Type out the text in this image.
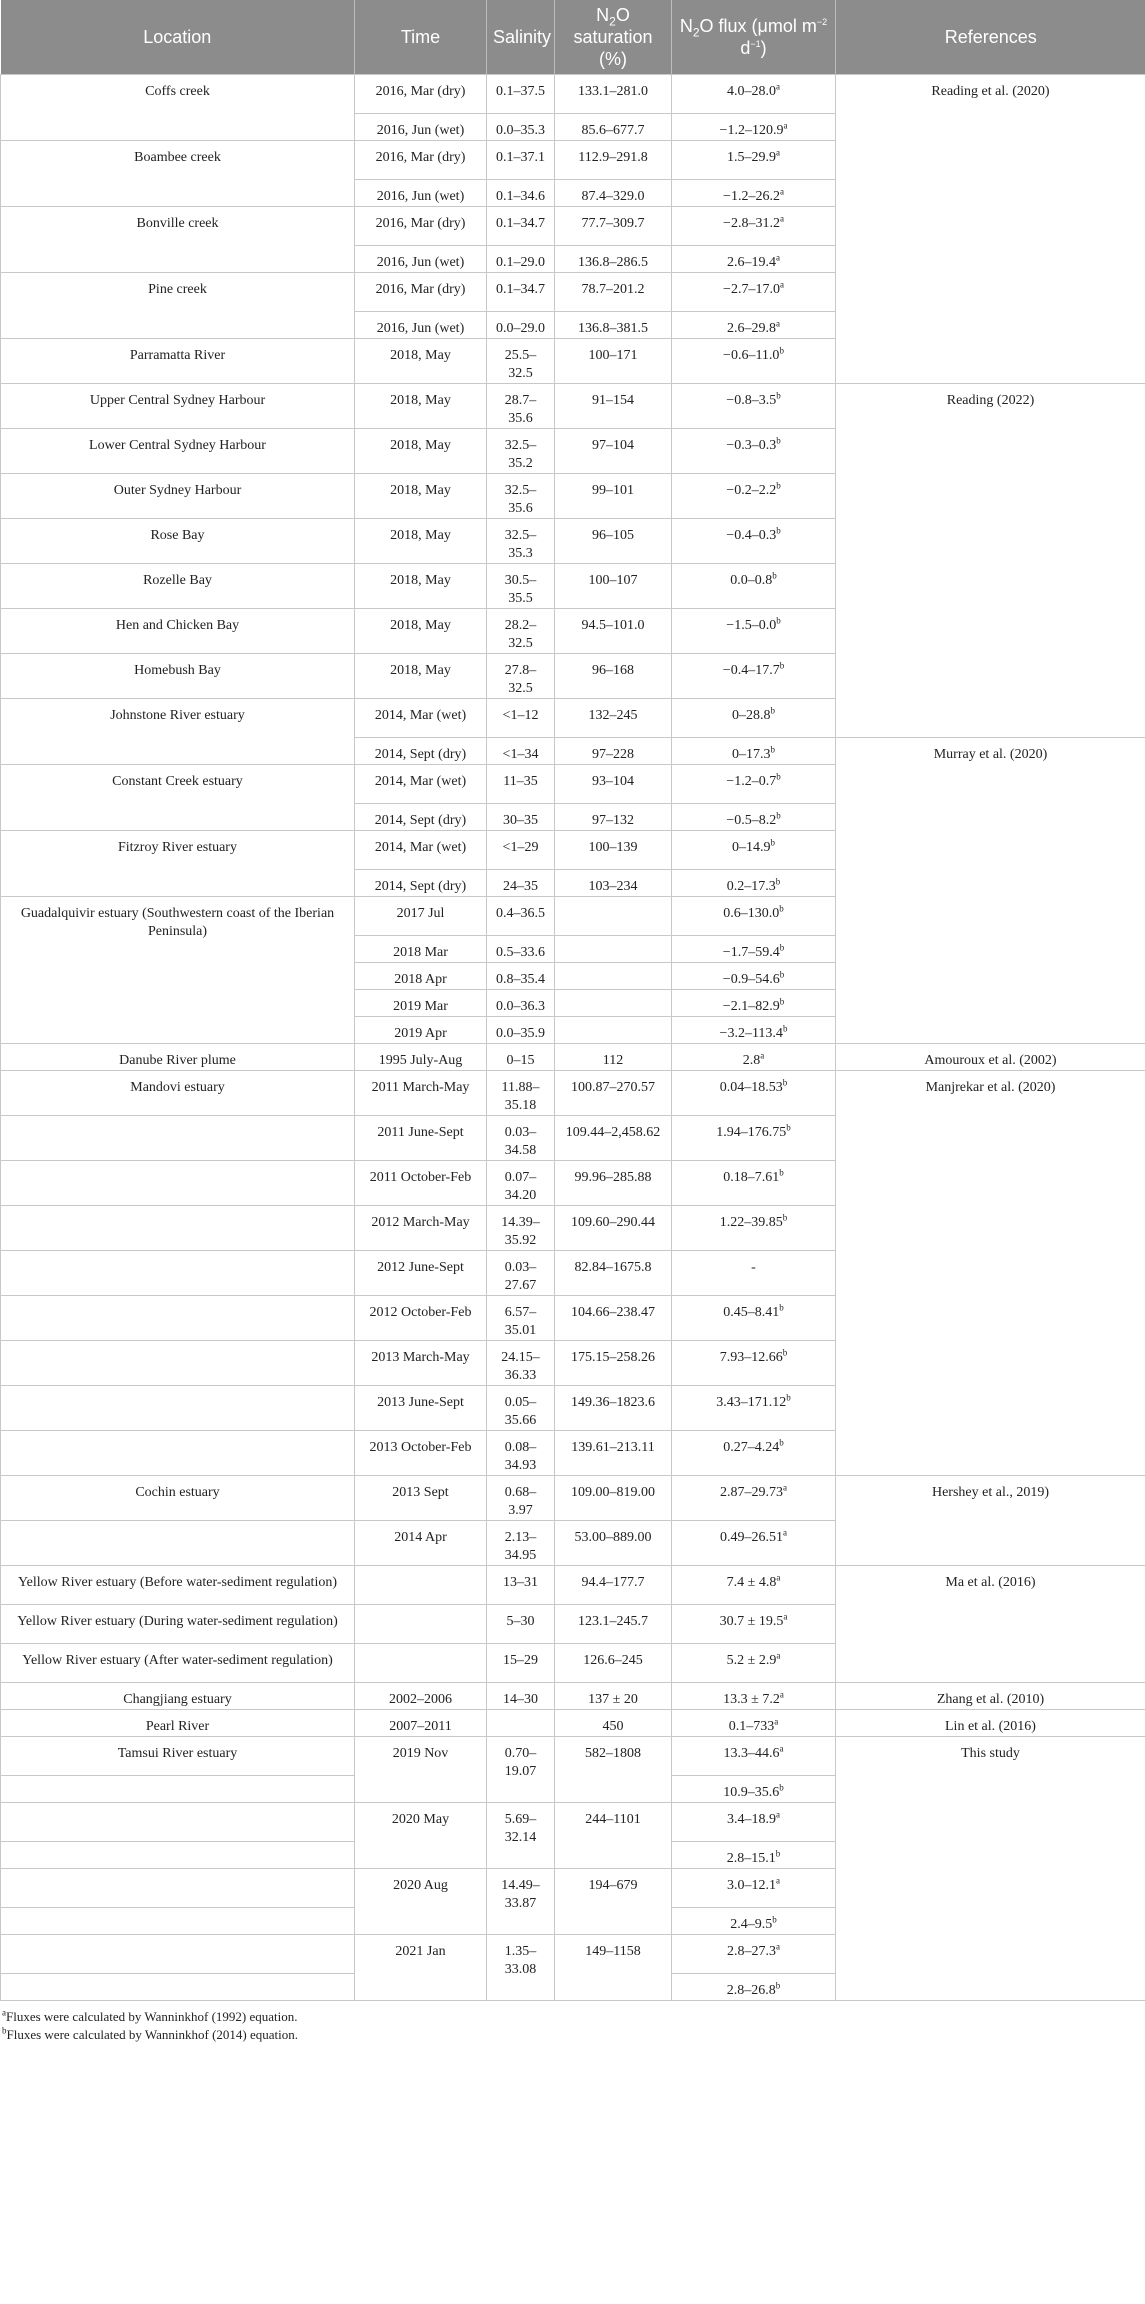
Location	Time	Salinity	$N_2O$ saturation (%)	$N_2O$ flux (μmol $m^{-2}$ $d^{-1}$)	References
Coffs creek	2016, Mar (dry)	0.1–37.5	133.1–281.0	4.0–28.0$^a$	Reading et al. (2020)
	2016, Jun (wet)	0.0–35.3	85.6–677.7	−1.2–120.9$^a$
Boambee creek	2016, Mar (dry)	0.1–37.1	112.9–291.8	1.5–29.9$^a$
	2016, Jun (wet)	0.1–34.6	87.4–329.0	−1.2–26.2$^a$
Bonville creek	2016, Mar (dry)	0.1–34.7	77.7–309.7	−2.8–31.2$^a$
	2016, Jun (wet)	0.1–29.0	136.8–286.5	2.6–19.4$^a$
Pine creek	2016, Mar (dry)	0.1–34.7	78.7–201.2	−2.7–17.0$^a$
	2016, Jun (wet)	0.0–29.0	136.8–381.5	2.6–29.8$^a$
Parramatta River	2018, May	25.5–32.5	100–171	−0.6–11.0$^b$
Upper Central Sydney Harbour	2018, May	28.7–35.6	91–154	−0.8–3.5$^b$	Reading (2022)
Lower Central Sydney Harbour	2018, May	32.5–35.2	97–104	−0.3–0.3$^b$
Outer Sydney Harbour	2018, May	32.5–35.6	99–101	−0.2–2.2$^b$
Rose Bay	2018, May	32.5–35.3	96–105	−0.4–0.3$^b$
Rozelle Bay	2018, May	30.5–35.5	100–107	0.0–0.8$^b$
Hen and Chicken Bay	2018, May	28.2–32.5	94.5–101.0	−1.5–0.0$^b$
Homebush Bay	2018, May	27.8–32.5	96–168	−0.4–17.7$^b$
Johnstone River estuary	2014, Mar (wet)	<1–12	132–245	0–28.8$^b$
	2014, Sept (dry)	<1–34	97–228	0–17.3$^b$	Murray et al. (2020)
Constant Creek estuary	2014, Mar (wet)	11–35	93–104	−1.2–0.7$^b$
	2014, Sept (dry)	30–35	97–132	−0.5–8.2$^b$
Fitzroy River estuary	2014, Mar (wet)	<1–29	100–139	0–14.9$^b$
	2014, Sept (dry)	24–35	103–234	0.2–17.3$^b$
Guadalquivir estuary (Southwestern coast of the Iberian Peninsula)	2017 Jul	0.4–36.5		0.6–130.0$^b$
	2018 Mar	0.5–33.6		−1.7–59.4$^b$
	2018 Apr	0.8–35.4		−0.9–54.6$^b$
	2019 Mar	0.0–36.3		−2.1–82.9$^b$
	2019 Apr	0.0–35.9		−3.2–113.4$^b$
Danube River plume	1995 July-Aug	0–15	112	2.8$^a$	Amouroux et al. (2002)
Mandovi estuary	2011 March-May	11.88–35.18	100.87–270.57	0.04–18.53$^b$	Manjrekar et al. (2020)
	2011 June-Sept	0.03–34.58	109.44–2,458.62	1.94–176.75$^b$
	2011 October-Feb	0.07–34.20	99.96–285.88	0.18–7.61$^b$
	2012 March-May	14.39–35.92	109.60–290.44	1.22–39.85$^b$
	2012 June-Sept	0.03–27.67	82.84–1675.8	-	
	2012 October-Feb	6.57–35.01	104.66–238.47	0.45–8.41$^b$
	2013 March-May	24.15–36.33	175.15–258.26	7.93–12.66$^b$
	2013 June-Sept	0.05–35.66	149.36–1823.6	3.43–171.12$^b$
	2013 October-Feb	0.08–34.93	139.61–213.11	0.27–4.24$^b$
Cochin estuary	2013 Sept	0.68–3.97	109.00–819.00	2.87–29.73$^a$	Hershey et al., 2019)
	2014 Apr	2.13–34.95	53.00–889.00	0.49–26.51$^a$
Yellow River estuary (Before water-sediment regulation)		13–31	94.4–177.7	7.4 ± 4.8$^a$	Ma et al. (2016)
Yellow River estuary (During water-sediment regulation)		5–30	123.1–245.7	30.7 ± 19.5$^a$
Yellow River estuary (After water-sediment regulation)		15–29	126.6–245	5.2 ± 2.9$^a$
Changjiang estuary	2002–2006	14–30	137 ± 20	13.3 ± 7.2$^a$	Zhang et al. (2010)
Pearl River	2007–2011		450	0.1–733$^a$	Lin et al. (2016)
Tamsui River estuary	2019 Nov	0.70–19.07	582–1808	13.3–44.6$^a$	This study
				10.9–35.6$^b$
	2020 May	5.69–32.14	244–1101	3.4–18.9$^a$
				2.8–15.1$^b$
	2020 Aug	14.49–33.87	194–679	3.0–12.1$^a$
				2.4–9.5$^b$
	2021 Jan	1.35–33.08	149–1158	2.8–27.3$^a$
				2.8–26.8$^b$
$^a$Fluxes were calculated by Wanninkhof (1992) equation.
$^b$Fluxes were calculated by Wanninkhof (2014) equation.
